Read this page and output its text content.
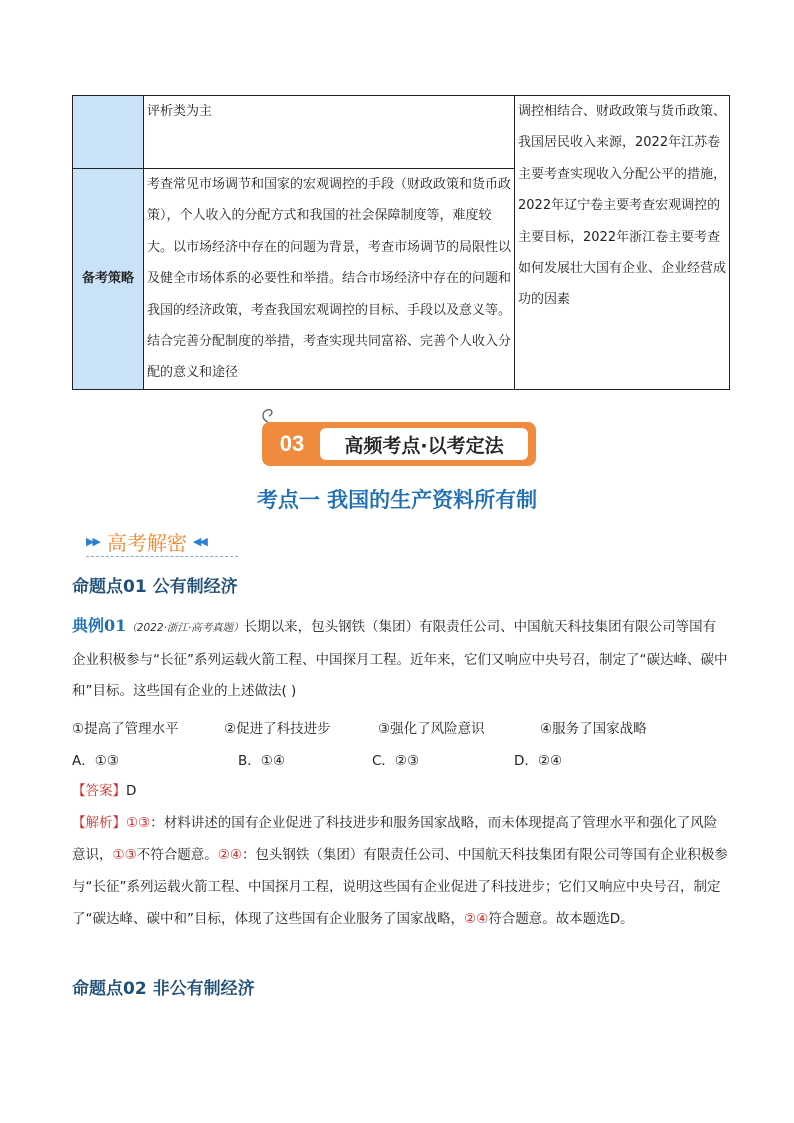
	评析类为主	调控相结合、财政政策与货币政策、我国居民收入来源，2022年江苏卷主要考查实现收入分配公平的措施，2022年辽宁卷主要考查宏观调控的主要目标，2022年浙江卷主要考查如何发展壮大国有企业、企业经营成功的因素
备考策略	考查常见市场调节和国家的宏观调控的手段（财政政策和货币政策），个人收入的分配方式和我国的社会保障制度等，难度较大。以市场经济中存在的问题为背景，考查市场调节的局限性以及健全市场体系的必要性和举措。结合市场经济中存在的问题和我国的经济政策，考查我国宏观调控的目标、手段以及意义等。结合完善分配制度的举措，考查实现共同富裕、完善个人收入分配的意义和途径	
03	高频考点·以考定法
考点一 我国的生产资料所有制
▶▶ 高考解密 ◀◀
命题点01 公有制经济
典例01（2022·浙江·高考真题）长期以来，包头钢铁（集团）有限责任公司、中国航天科技集团有限公司等国有企业积极参与“长征”系列运载火箭工程、中国探月工程。近年来，它们又响应中央号召，制定了“碳达峰、碳中和”目标。这些国有企业的上述做法( )
①提高了管理水平	②促进了科技进步	③强化了风险意识	④服务了国家战略
A．①③	B．①④	C．②③	D．②④
【答案】D
【解析】①③：材料讲述的国有企业促进了科技进步和服务国家战略，而未体现提高了管理水平和强化了风险意识，①③不符合题意。②④：包头钢铁（集团）有限责任公司、中国航天科技集团有限公司等国有企业积极参与“长征”系列运载火箭工程、中国探月工程，说明这些国有企业促进了科技进步；它们又响应中央号召，制定了“碳达峰、碳中和”目标，体现了这些国有企业服务了国家战略，②④符合题意。故本题选D。
命题点02 非公有制经济
